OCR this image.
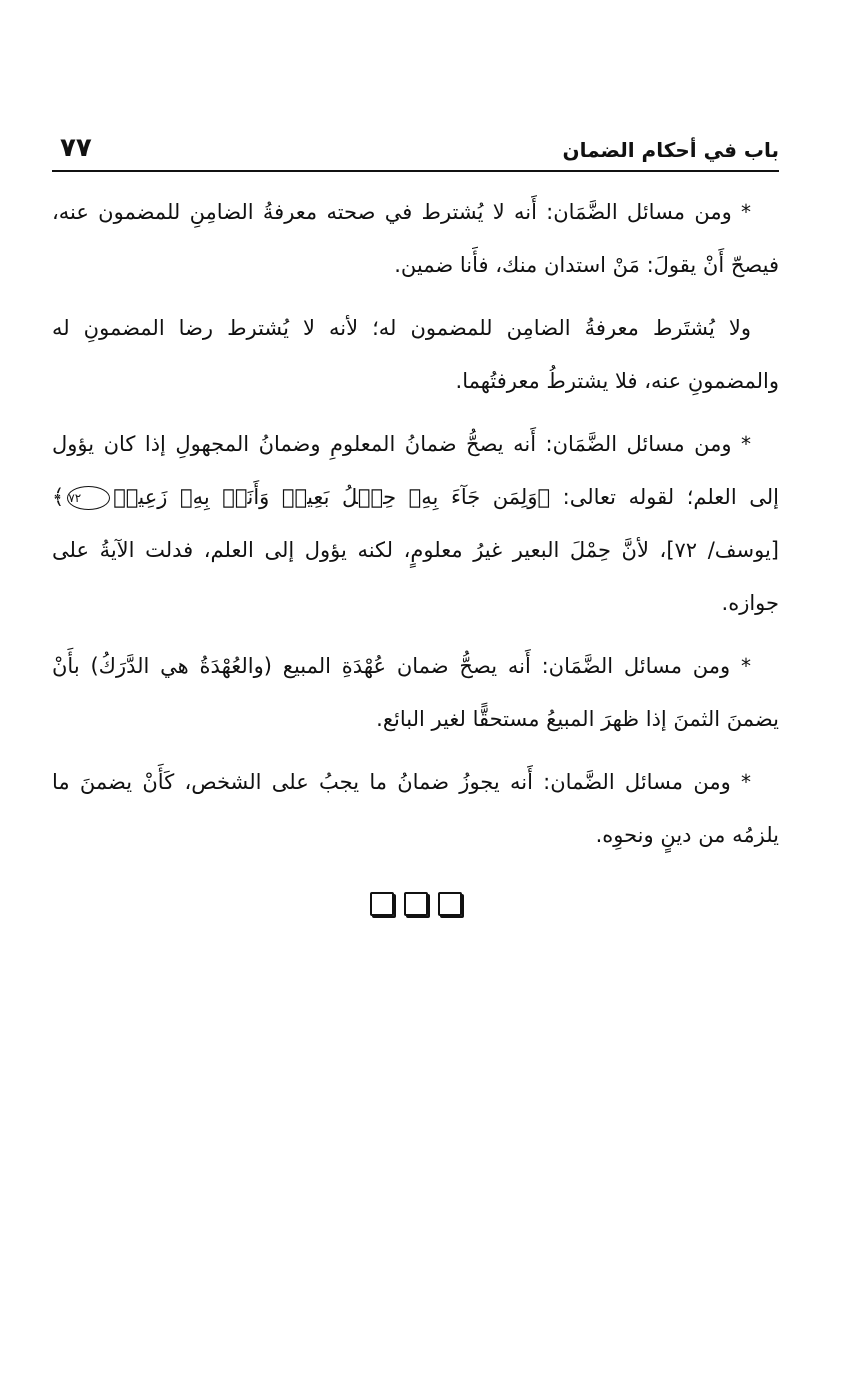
باب في أحكام الضمان
٧٧

* ومن مسائل الضَّمَان: أَنه لا يُشترط في صحته معرفةُ الضامِنِ للمضمون عنه، فيصحّ أَنْ يقولَ: مَنْ استدان منك، فأَنا ضمين.

ولا يُشتَرط معرفةُ الضامِن للمضمون له؛ لأنه لا يُشترط رضا المضمونِ له والمضمونِ عنه، فلا يشترطُ معرفتُهما.

* ومن مسائل الضَّمَان: أَنه يصحُّ ضمانُ المعلومِ وضمانُ المجهولِ إذا كان يؤول إلى العلم؛ لقوله تعالى: ﴿وَلِمَن جَآءَ بِهِۦ حِمۡلُ بَعِيرٖ وَأَنَا۠ بِهِۦ زَعِيمٞ٧٢﴾ [يوسف/ ٧٢]، لأنَّ حِمْلَ البعير غيرُ معلومٍ، لكنه يؤول إلى العلم، فدلت الآيةُ على جوازه.

* ومن مسائل الضَّمَان: أَنه يصحُّ ضمان عُهْدَةِ المبيع (والعُهْدَةُ هي الدَّرَكُ) بأَنْ يضمنَ الثمنَ إذا ظهرَ المبيعُ مستحقًّا لغير البائع.

* ومن مسائل الضَّمان: أَنه يجوزُ ضمانُ ما يجبُ على الشخص، كَأَنْ يضمنَ ما يلزمُه من دينٍ ونحوِه.
